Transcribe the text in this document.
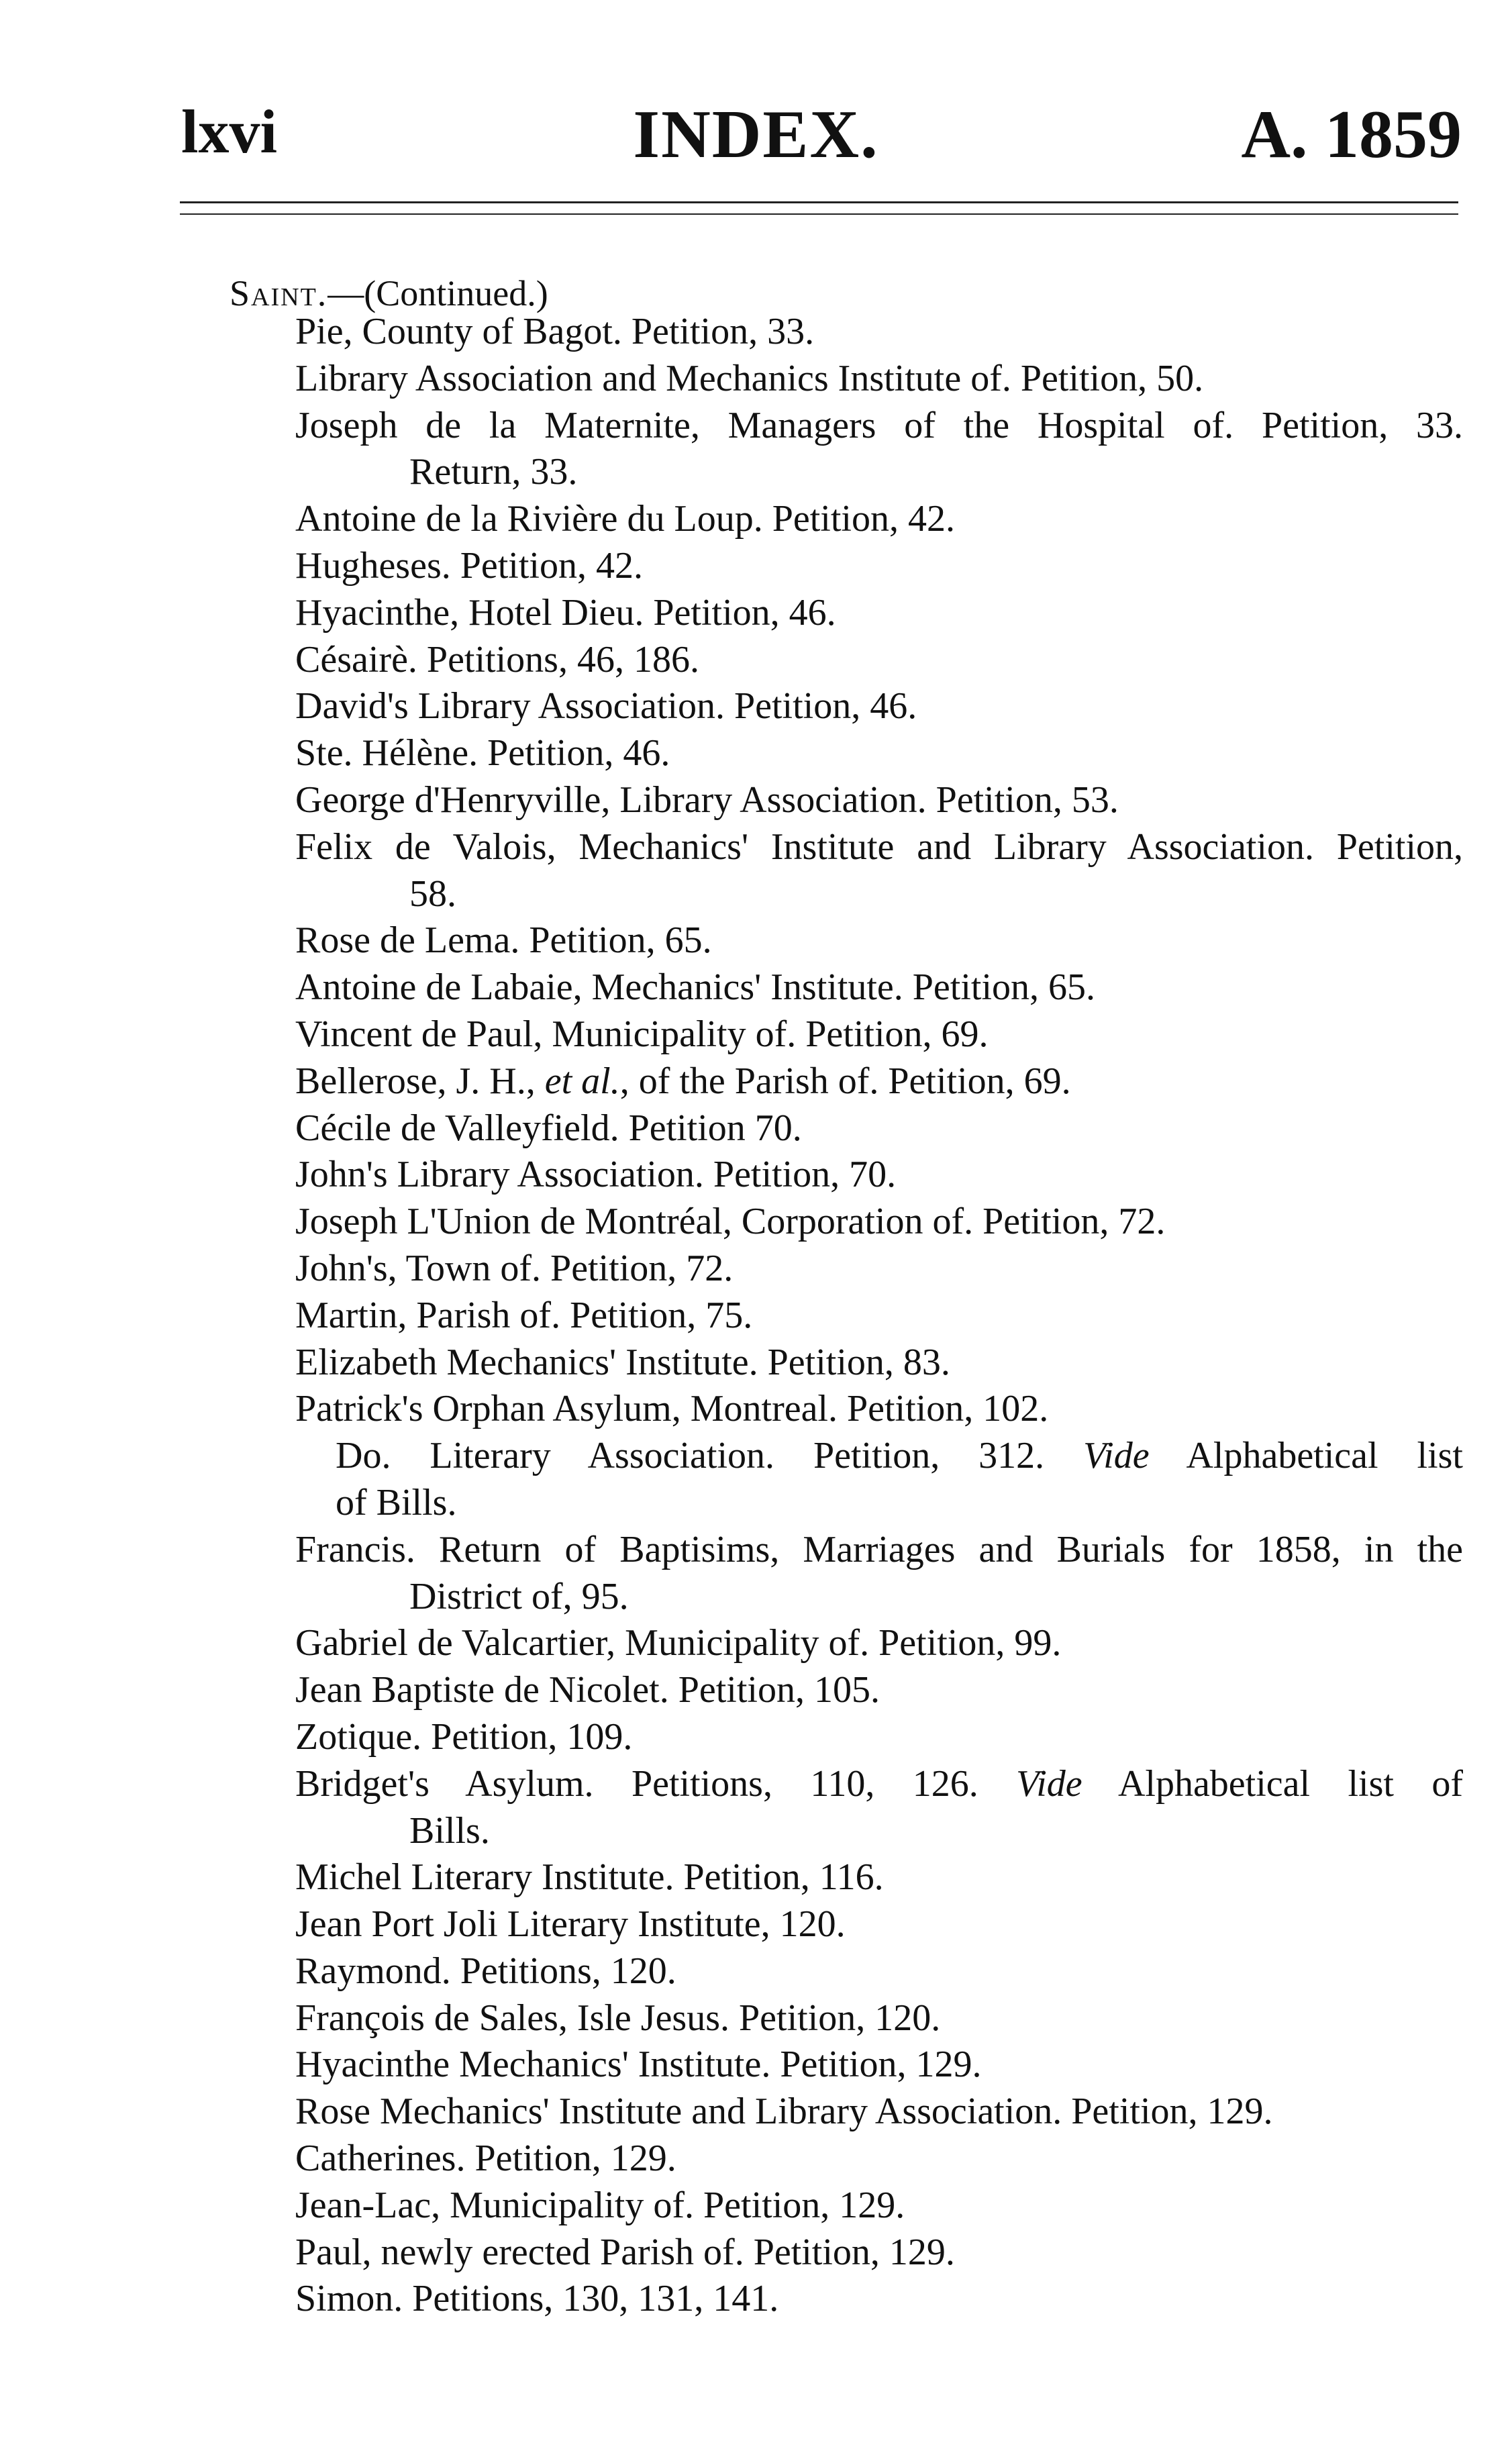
lxvi	INDEX.	A. 1859
Saint.—(Continued.)
Pie, County of Bagot. Petition, 33.
Library Association and Mechanics Institute of. Petition, 50.
Joseph de la Maternite, Managers of the Hospital of. Petition, 33.
Return, 33.
Antoine de la Rivière du Loup. Petition, 42.
Hugheses. Petition, 42.
Hyacinthe, Hotel Dieu. Petition, 46.
Césairè. Petitions, 46, 186.
David's Library Association. Petition, 46.
Ste. Hélène. Petition, 46.
George d'Henryville, Library Association. Petition, 53.
Felix de Valois, Mechanics' Institute and Library Association. Petition,
58.
Rose de Lema. Petition, 65.
Antoine de Labaie, Mechanics' Institute. Petition, 65.
Vincent de Paul, Municipality of. Petition, 69.
Bellerose, J. H., et al., of the Parish of. Petition, 69.
Cécile de Valleyfield. Petition 70.
John's Library Association. Petition, 70.
Joseph L'Union de Montréal, Corporation of. Petition, 72.
John's, Town of. Petition, 72.
Martin, Parish of. Petition, 75.
Elizabeth Mechanics' Institute. Petition, 83.
Patrick's Orphan Asylum, Montreal. Petition, 102.
Do. Literary Association. Petition, 312. Vide Alphabetical list
of Bills.
Francis. Return of Baptisims, Marriages and Burials for 1858, in the
District of, 95.
Gabriel de Valcartier, Municipality of. Petition, 99.
Jean Baptiste de Nicolet. Petition, 105.
Zotique. Petition, 109.
Bridget's Asylum. Petitions, 110, 126. Vide Alphabetical list of
Bills.
Michel Literary Institute. Petition, 116.
Jean Port Joli Literary Institute, 120.
Raymond. Petitions, 120.
François de Sales, Isle Jesus. Petition, 120.
Hyacinthe Mechanics' Institute. Petition, 129.
Rose Mechanics' Institute and Library Association. Petition, 129.
Catherines. Petition, 129.
Jean-Lac, Municipality of. Petition, 129.
Paul, newly erected Parish of. Petition, 129.
Simon. Petitions, 130, 131, 141.
